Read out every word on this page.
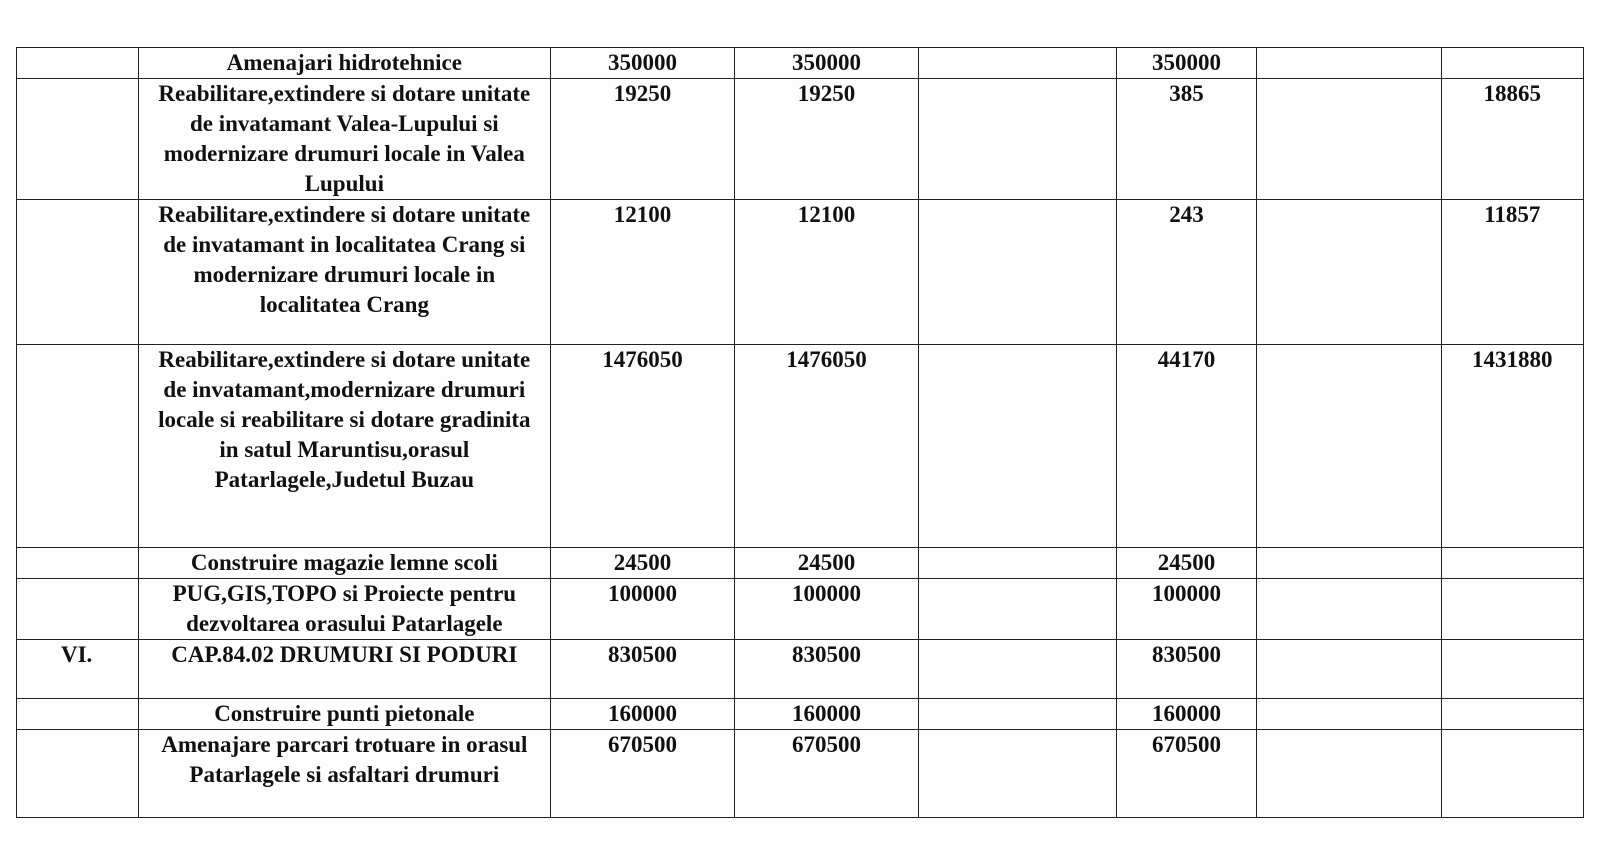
	Amenajari hidrotehnice	350000	350000		350000		
	Reabilitare,extindere si dotare unitate de invatamant Valea-Lupului si modernizare drumuri locale in Valea Lupului	19250	19250		385		18865
	Reabilitare,extindere si dotare unitate de invatamant in localitatea Crang si modernizare drumuri locale in localitatea Crang	12100	12100		243		11857
	Reabilitare,extindere si dotare unitate de invatamant,modernizare drumuri locale si reabilitare si dotare gradinita in satul Maruntisu,orasul Patarlagele,Judetul Buzau	1476050	1476050		44170		1431880
	Construire magazie lemne scoli	24500	24500		24500		
	PUG,GIS,TOPO si Proiecte pentru dezvoltarea orasului Patarlagele	100000	100000		100000		
VI.	CAP.84.02 DRUMURI SI PODURI	830500	830500		830500		
	Construire punti pietonale	160000	160000		160000		
	Amenajare parcari trotuare in orasul Patarlagele si asfaltari drumuri	670500	670500		670500		
